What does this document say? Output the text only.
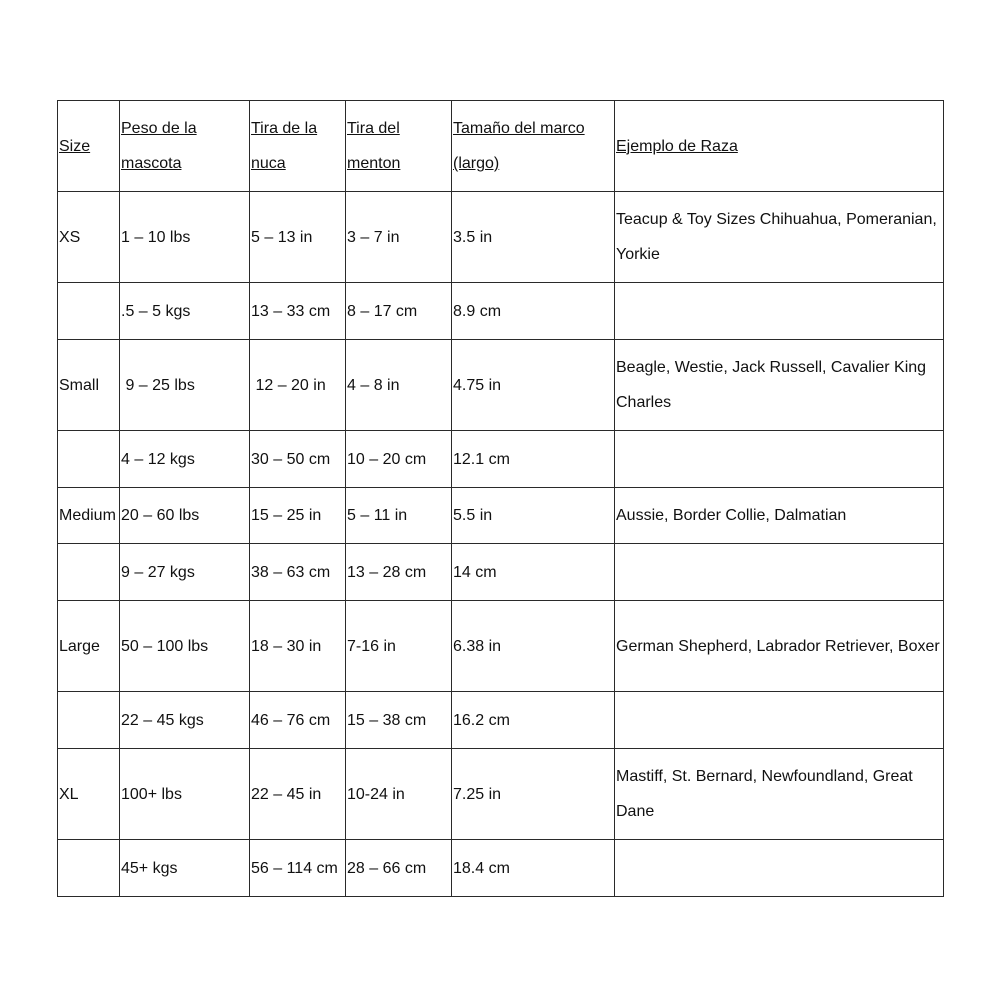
Size	Peso de la mascota	Tira de la nuca	Tira del menton	Tamaño del marco (largo)	Ejemplo de Raza
XS	1 – 10 lbs	5 – 13 in	3 – 7 in	3.5 in	Teacup & Toy Sizes Chihuahua, Pomeranian, Yorkie
	.5 – 5 kgs	13 – 33 cm	8 – 17 cm	8.9 cm	
Small	9 – 25 lbs	12 – 20 in	4 – 8 in	4.75 in	Beagle, Westie, Jack Russell, Cavalier King Charles
	4 – 12 kgs	30 – 50 cm	10 – 20 cm	12.1 cm	
Medium	20 – 60 lbs	15 – 25 in	5 – 11 in	5.5 in	Aussie, Border Collie, Dalmatian
	9 – 27 kgs	38 – 63 cm	13 – 28 cm	14 cm	
Large	50 – 100 lbs	18 – 30 in	7-16 in	6.38 in	German Shepherd, Labrador Retriever, Boxer
	22 – 45 kgs	46 – 76 cm	15 – 38 cm	16.2 cm	
XL	100+ lbs	22 – 45 in	10-24 in	7.25 in	Mastiff, St. Bernard, Newfoundland, Great Dane
	45+ kgs	56 – 114 cm	28 – 66 cm	18.4 cm	
